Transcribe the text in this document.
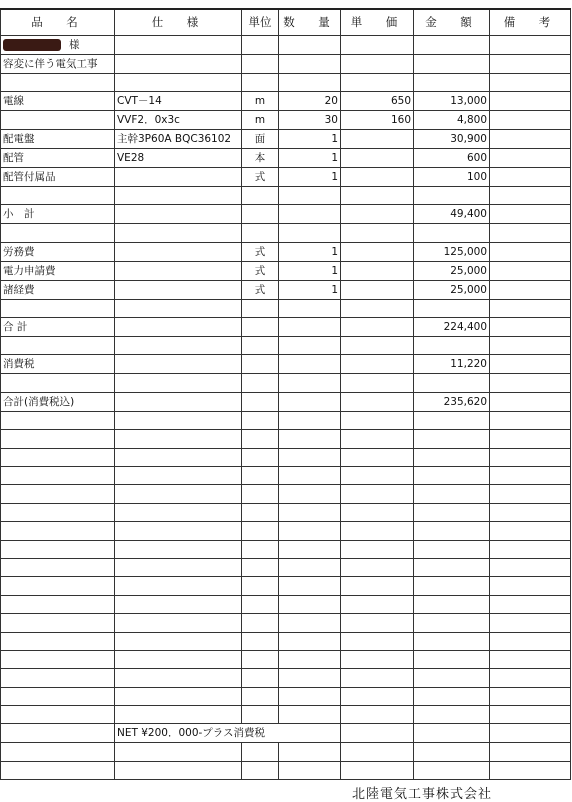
品　名	仕　様	単位	数　量	単　価	金　額	備　考
様						
容変に伴う電気工事						

電線	CVT－14	m	20	650	13,000	
	VVF2．0x3c	m	30	160	4,800	
配電盤	主幹3P60A BQC36102	面	1		30,900	
配管	VE28	本	1		600	
配管付属品		式	1		100	

小　計					49,400	

労務費		式	1		125,000	
電力申請費		式	1		25,000	
諸経費		式	1		25,000	

合 計					224,400	

消費税					11,220	

合計(消費税込)					235,620	

	NET ¥200．000-プラス消費税					

北陸電気工事株式会社
